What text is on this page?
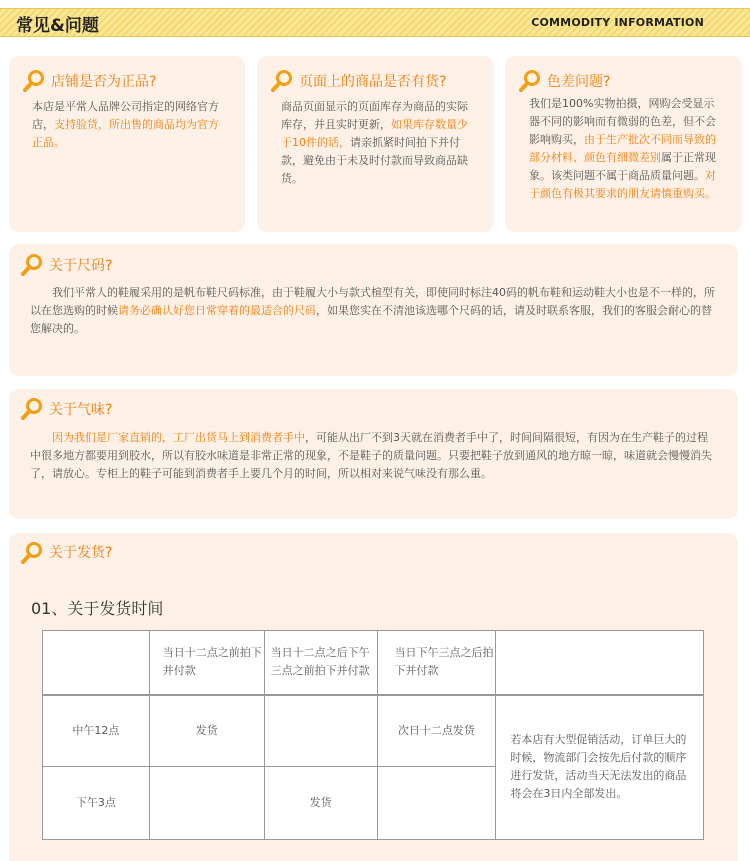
常见&问题	COMMODITY INFORMATION
店铺是否为正品?
本店是平常人品牌公司指定的网络官方店，支持验货，所出售的商品均为官方正品。
页面上的商品是否有货?
商品页面显示的页面库存为商品的实际库存，并且实时更新，如果库存数量少于10件的话，请亲抓紧时间拍下并付款，避免由于未及时付款而导致商品缺货。
色差问题?
我们是100%实物拍摄，网购会受显示器不同的影响而有微弱的色差，但不会影响购买，由于生产批次不同而导致的部分材料、颜色有细微差别属于正常现象。该类问题不属于商品质量问题。对于颜色有极其要求的朋友请慎重购买。
关于尺码?
我们平常人的鞋履采用的是帆布鞋尺码标准，由于鞋履大小与款式楦型有关，即使同时标注40码的帆布鞋和运动鞋大小也是不一样的，所以在您选购的时候请务必确认好您日常穿着的最适合的尺码，如果您实在不清池该选哪个尺码的话，请及时联系客服，我们的客服会耐心的替您解决的。
关于气味?
因为我们是厂家直销的，工厂出货马上到消费者手中，可能从出厂不到3天就在消费者手中了，时间间隔很短，有因为在生产鞋子的过程中很多地方都要用到胶水，所以有胶水味道是非常正常的现象，不是鞋子的质量问题。只要把鞋子放到通风的地方晾一晾，味道就会慢慢消失了，请放心。专柜上的鞋子可能到消费者手上要几个月的时间，所以相对来说气味没有那么重。
关于发货?
01、关于发货时间
	当日十二点之前拍下并付款	当日十二点之后下午三点之前拍下并付款	当日下午三点之后拍下并付款	
中午12点	发货		次日十二点发货	若本店有大型促销活动，订单巨大的时候，物流部门会按先后付款的顺序进行发货，活动当天无法发出的商品将会在3日内全部发出。
下午3点		发货		
